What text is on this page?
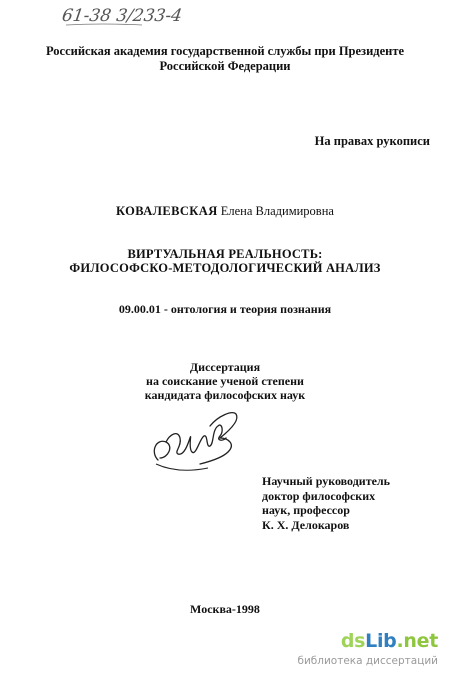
61-38 3/233-4
Российская академия государственной службы при Президенте
Российской Федерации
На правах рукописи
КОВАЛЕВСКАЯ Елена Владимировна
ВИРТУАЛЬНАЯ РЕАЛЬНОСТЬ:
ФИЛОСОФСКО-МЕТОДОЛОГИЧЕСКИЙ АНАЛИЗ
09.00.01 - онтология и теория познания
Диссертация
на соискание ученой степени
кандидата философских наук
Научный руководитель
доктор философских
наук, профессор
К. Х. Делокаров
Москва-1998
dsLib.net
библиотека диссертаций
